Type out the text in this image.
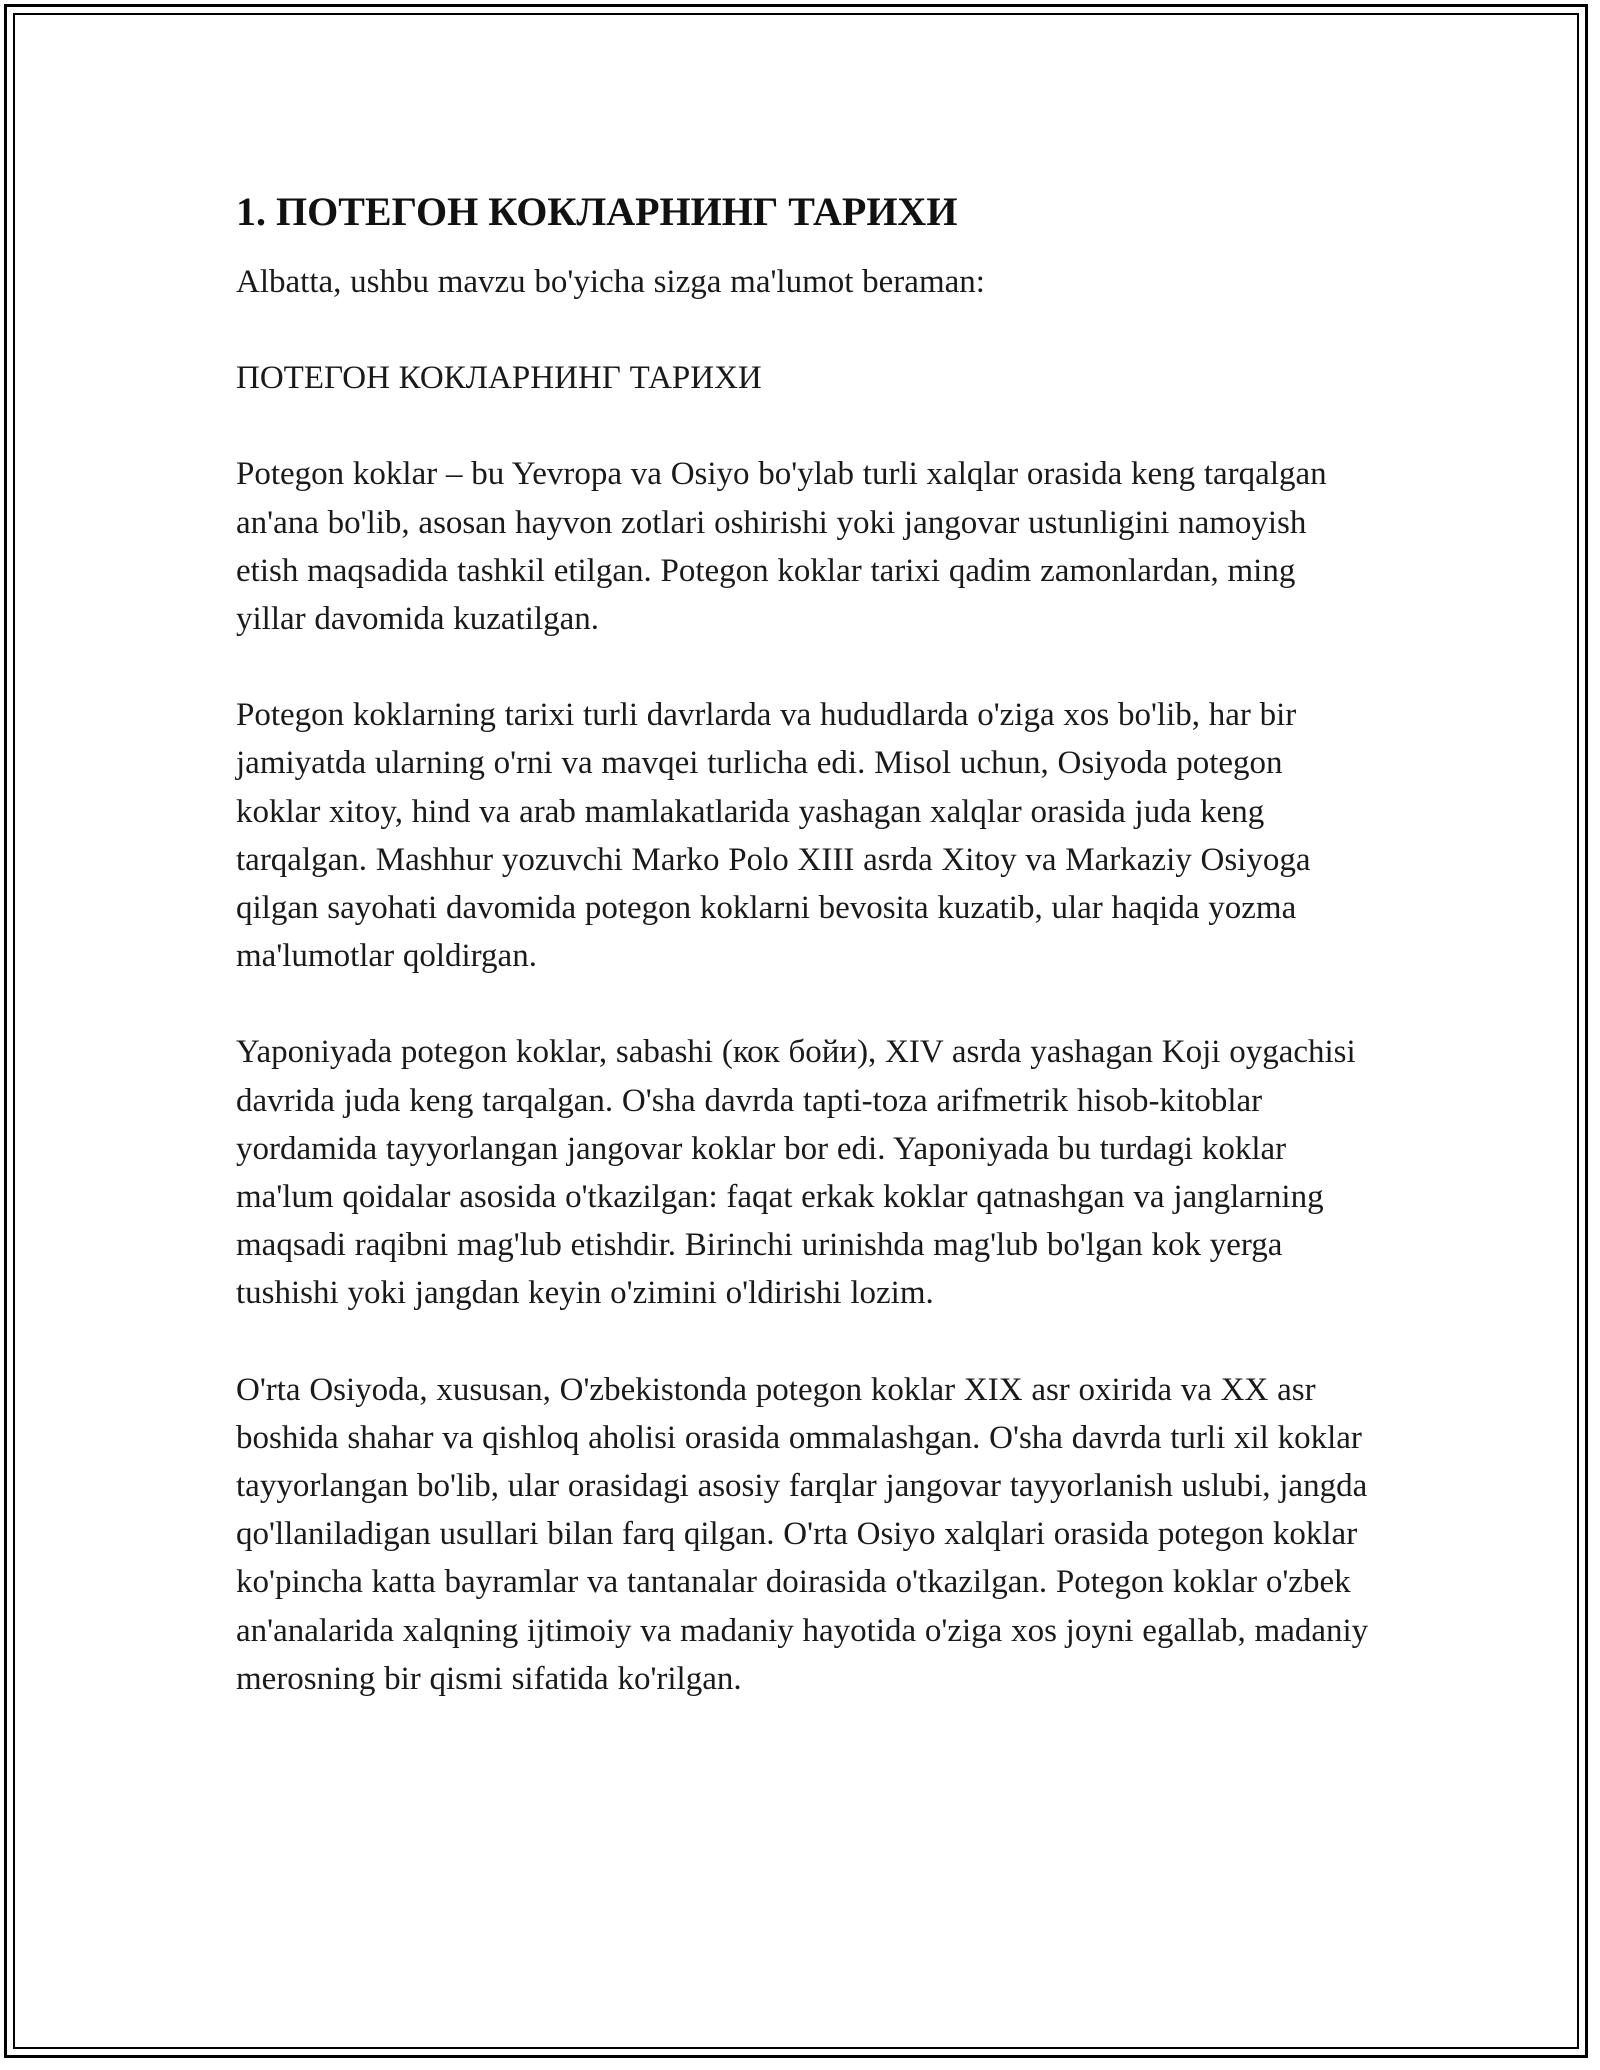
1. ПОТЕГОН КОКЛАРНИНГ ТАРИХИ

Albatta, ushbu mavzu bo'yicha sizga ma'lumot beraman:

ПОТЕГОН КОКЛАРНИНГ ТАРИХИ

Potegon koklar – bu Yevropa va Osiyo bo'ylab turli xalqlar orasida keng tarqalgan an'ana bo'lib, asosan hayvon zotlari oshirishi yoki jangovar ustunligini namoyish etish maqsadida tashkil etilgan. Potegon koklar tarixi qadim zamonlardan, ming yillar davomida kuzatilgan.

Potegon koklarning tarixi turli davrlarda va hududlarda o'ziga xos bo'lib, har bir jamiyatda ularning o'rni va mavqei turlicha edi. Misol uchun, Osiyoda potegon koklar xitoy, hind va arab mamlakatlarida yashagan xalqlar orasida juda keng tarqalgan. Mashhur yozuvchi Marko Polo XIII asrda Xitoy va Markaziy Osiyoga qilgan sayohati davomida potegon koklarni bevosita kuzatib, ular haqida yozma ma'lumotlar qoldirgan.

Yaponiyada potegon koklar, sabashi (кок бойи), XIV asrda yashagan Koji oygachisi davrida juda keng tarqalgan. O'sha davrda tapti-toza arifmetrik hisob-kitoblar yordamida tayyorlangan jangovar koklar bor edi. Yaponiyada bu turdagi koklar ma'lum qoidalar asosida o'tkazilgan: faqat erkak koklar qatnashgan va janglarning maqsadi raqibni mag'lub etishdir. Birinchi urinishda mag'lub bo'lgan kok yerga tushishi yoki jangdan keyin o'zimini o'ldirishi lozim.

O'rta Osiyoda, xususan, O'zbekistonda potegon koklar XIX asr oxirida va XX asr boshida shahar va qishloq aholisi orasida ommalashgan. O'sha davrda turli xil koklar tayyorlangan bo'lib, ular orasidagi asosiy farqlar jangovar tayyorlanish uslubi, jangda qo'llaniladigan usullari bilan farq qilgan. O'rta Osiyo xalqlari orasida potegon koklar ko'pincha katta bayramlar va tantanalar doirasida o'tkazilgan. Potegon koklar o'zbek an'analarida xalqning ijtimoiy va madaniy hayotida o'ziga xos joyni egallab, madaniy merosning bir qismi sifatida ko'rilgan.
